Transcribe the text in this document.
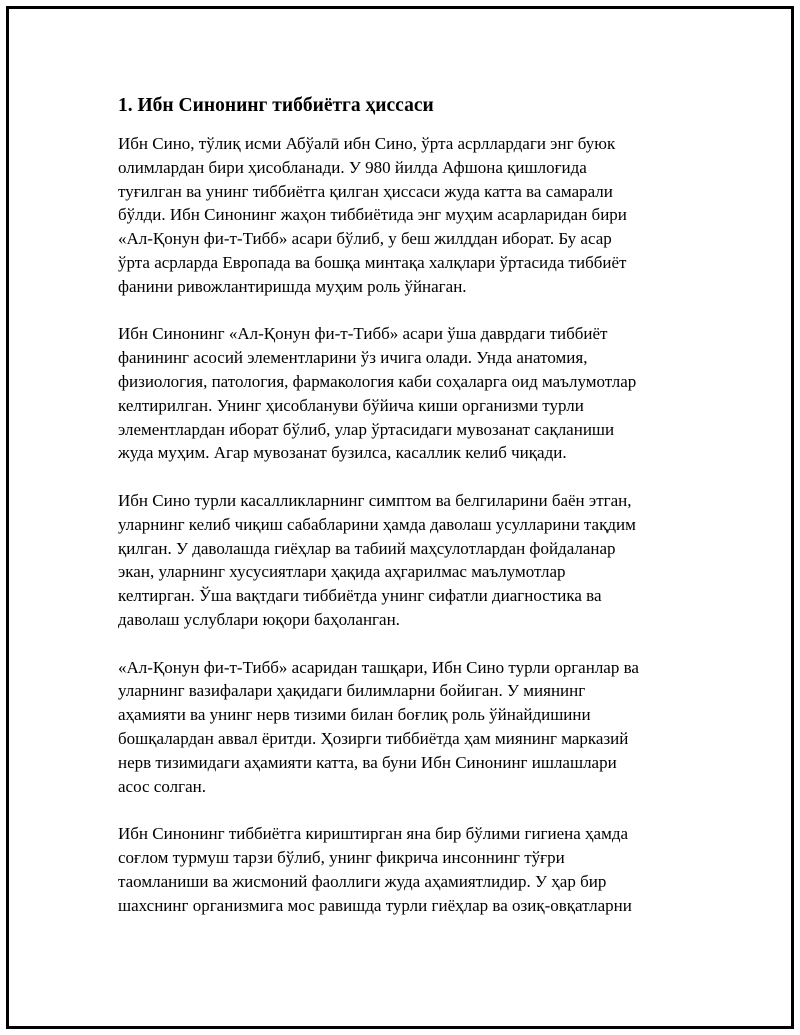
1. Ибн Синонинг тиббиётга ҳиссаси

Ибн Сино, тўлиқ исми Абўалӣ ибн Сино, ўрта асрллардаги энг буюк
олимлардан бири ҳисобланади. У 980 йилда Афшона қишлоғида
туғилган ва унинг тиббиётга қилган ҳиссаси жуда катта ва самарали
бўлди. Ибн Синонинг жаҳон тиббиётида энг муҳим асарларидан бири
«Ал-Қонун фи-т-Тибб» асари бўлиб, у беш жилддан иборат. Бу асар
ўрта асрларда Европада ва бошқа минтақа халқлари ўртасида тиббиёт
фанини ривожлантиришда муҳим роль ўйнаган.

Ибн Синонинг «Ал-Қонун фи-т-Тибб» асари ўша даврдаги тиббиёт
фанининг асосий элементларини ўз ичига олади. Унда анатомия,
физиология, патология, фармакология каби соҳаларга оид маълумотлар
келтирилган. Унинг ҳисоблануви бўйича киши организми турли
элементлардан иборат бўлиб, улар ўртасидаги мувозанат сақланиши
жуда муҳим. Агар мувозанат бузилса, касаллик келиб чиқади.

Ибн Сино турли касалликларнинг симптом ва белгиларини баён этган,
уларнинг келиб чиқиш сабабларини ҳамда даволаш усулларини тақдим
қилган. У даволашда гиёҳлар ва табиий маҳсулотлардан фойдаланар
экан, уларнинг хусусиятлари ҳақида аҳгарилмас маълумотлар
келтирган. Ўша вақтдаги тиббиётда унинг сифатли диагностика ва
даволаш услублари юқори баҳоланган.

«Ал-Қонун фи-т-Тибб» асаридан ташқари, Ибн Сино турли органлар ва
уларнинг вазифалари ҳақидаги билимларни бойиган. У миянинг
аҳамияти ва унинг нерв тизими билан боғлиқ роль ўйнайдишини
бошқалардан аввал ёритди. Ҳозирги тиббиётда ҳам миянинг марказий
нерв тизимидаги аҳамияти катта, ва буни Ибн Синонинг ишлашлари
асос солган.

Ибн Синонинг тиббиётга кириштирган яна бир бўлими гигиена ҳамда
соғлом турмуш тарзи бўлиб, унинг фикрича инсоннинг тўғри
таомланиши ва жисмоний фаоллиги жуда аҳамиятлидир. У ҳар бир
шахснинг организмига мос равишда турли гиёҳлар ва озиқ-овқатларни
